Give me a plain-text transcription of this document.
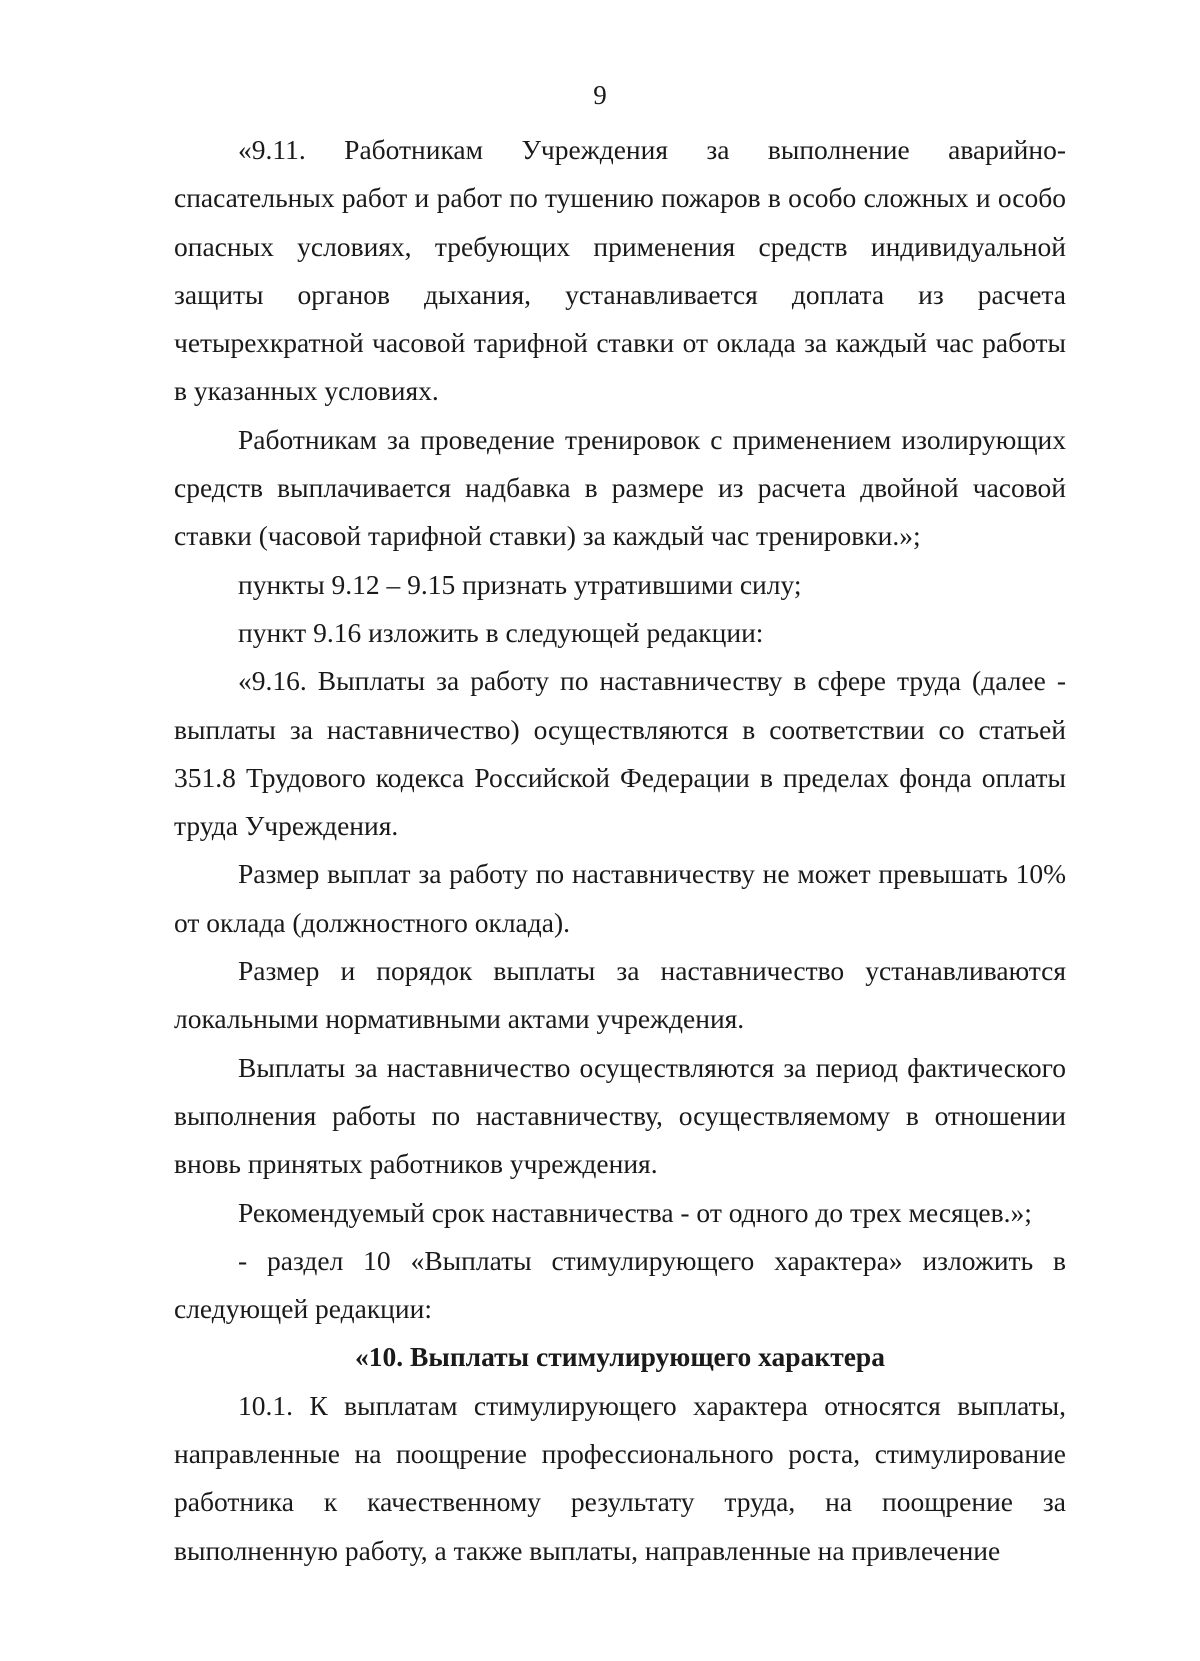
9

«9.11. Работникам Учреждения за выполнение аварийно-спасательных работ и работ по тушению пожаров в особо сложных и особо опасных условиях, требующих применения средств индивидуальной защиты органов дыхания, устанавливается доплата из расчета четырехкратной часовой тарифной ставки от оклада за каждый час работы в указанных условиях.

Работникам за проведение тренировок с применением изолирующих средств выплачивается надбавка в размере из расчета двойной часовой ставки (часовой тарифной ставки) за каждый час тренировки.»;

пункты 9.12 – 9.15 признать утратившими силу;

пункт 9.16 изложить в следующей редакции:

«9.16. Выплаты за работу по наставничеству в сфере труда (далее - выплаты за наставничество) осуществляются в соответствии со статьей 351.8 Трудового кодекса Российской Федерации в пределах фонда оплаты труда Учреждения.

Размер выплат за работу по наставничеству не может превышать 10% от оклада (должностного оклада).

Размер и порядок выплаты за наставничество устанавливаются локальными нормативными актами учреждения.

Выплаты за наставничество осуществляются за период фактического выполнения работы по наставничеству, осуществляемому в отношении вновь принятых работников учреждения.

Рекомендуемый срок наставничества - от одного до трех месяцев.»;

- раздел 10 «Выплаты стимулирующего характера» изложить в следующей редакции:

«10. Выплаты стимулирующего характера

10.1. К выплатам стимулирующего характера относятся выплаты, направленные на поощрение профессионального роста, стимулирование работника к качественному результату труда, на поощрение за выполненную работу, а также выплаты, направленные на привлечение
